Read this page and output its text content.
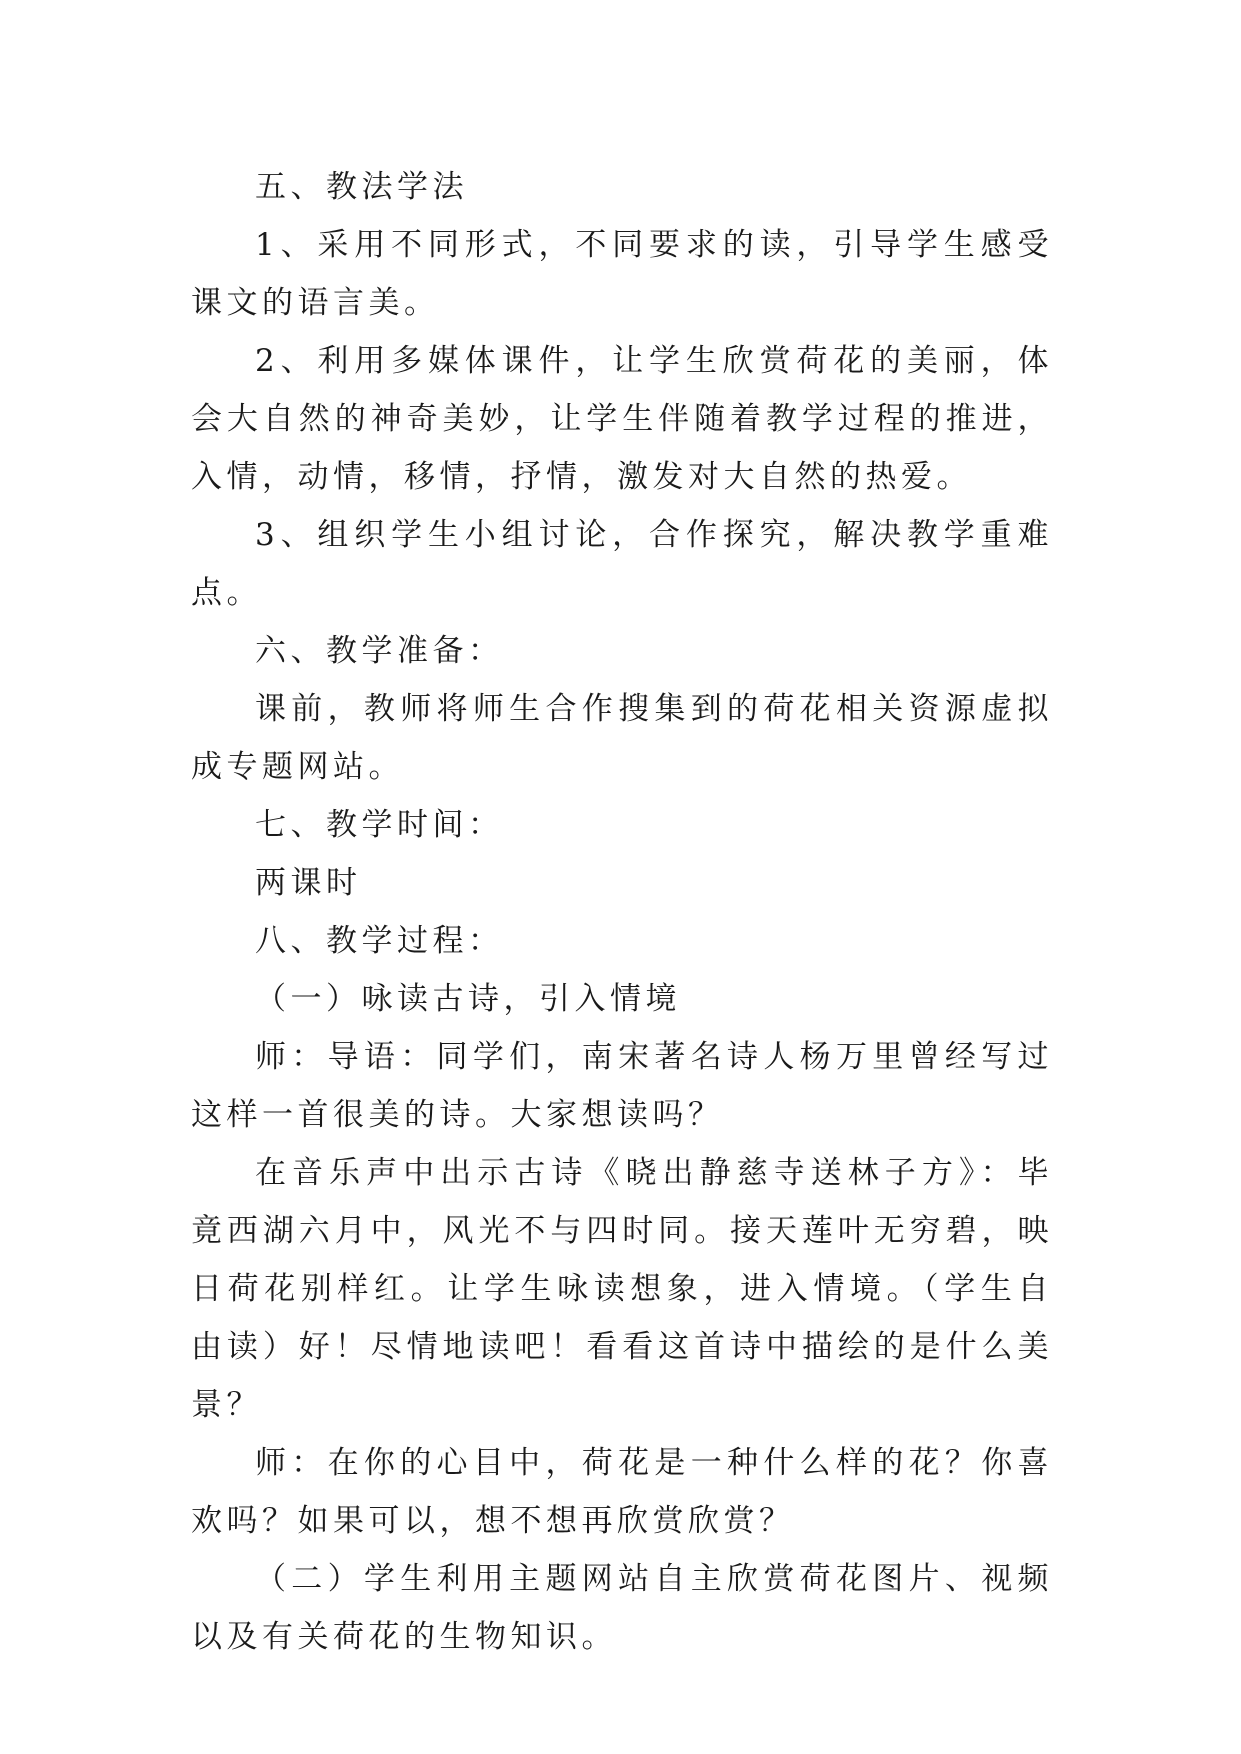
五、教法学法

1、采用不同形式，不同要求的读，引导学生感受课文的语言美。

2、利用多媒体课件，让学生欣赏荷花的美丽，体会大自然的神奇美妙，让学生伴随着教学过程的推进，入情，动情，移情，抒情，激发对大自然的热爱。

3、组织学生小组讨论，合作探究，解决教学重难点。

六、教学准备：

课前，教师将师生合作搜集到的荷花相关资源虚拟成专题网站。

七、教学时间：

两课时

八、教学过程：

（一）咏读古诗，引入情境

师：导语：同学们，南宋著名诗人杨万里曾经写过这样一首很美的诗。大家想读吗？

在音乐声中出示古诗《晓出静慈寺送林子方》：毕竟西湖六月中，风光不与四时同。接天莲叶无穷碧，映日荷花别样红。让学生咏读想象，进入情境。（学生自由读）好！尽情地读吧！看看这首诗中描绘的是什么美景？

师：在你的心目中，荷花是一种什么样的花？你喜欢吗？如果可以，想不想再欣赏欣赏？

（二）学生利用主题网站自主欣赏荷花图片、视频以及有关荷花的生物知识。
